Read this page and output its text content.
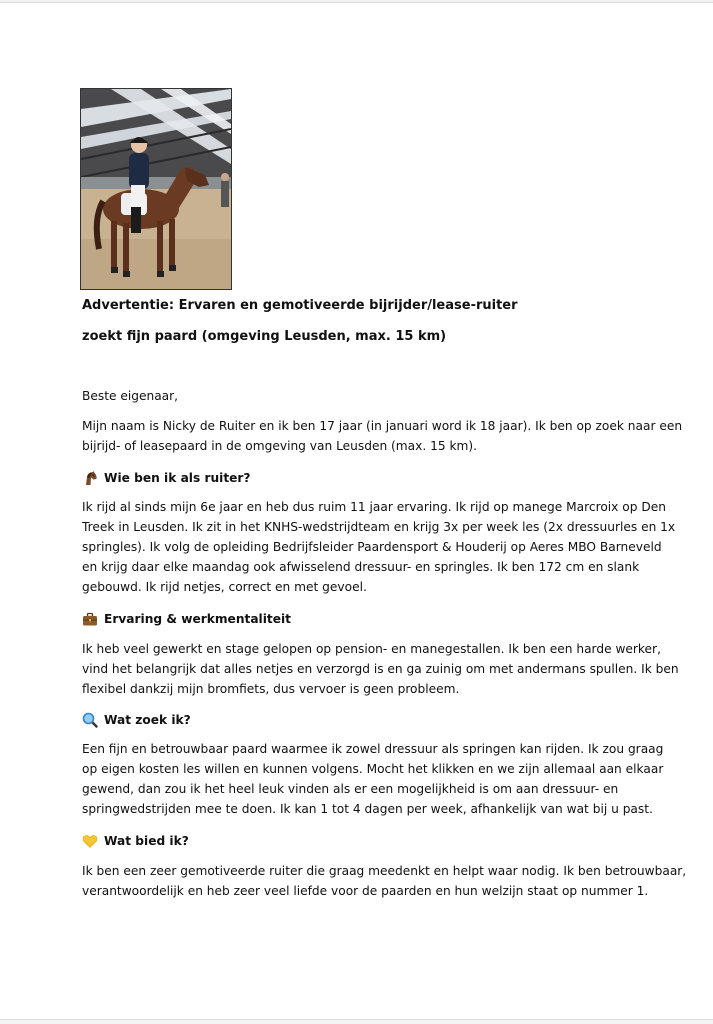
Advertentie: Ervaren en gemotiveerde bijrijder/lease-ruiter
zoekt fijn paard (omgeving Leusden, max. 15 km)
Beste eigenaar,
Mijn naam is Nicky de Ruiter en ik ben 17 jaar (in januari word ik 18 jaar). Ik ben op zoek naar een
bijrijd- of leasepaard in de omgeving van Leusden (max. 15 km).
Wie ben ik als ruiter?
Ik rijd al sinds mijn 6e jaar en heb dus ruim 11 jaar ervaring. Ik rijd op manege Marcroix op Den
Treek in Leusden. Ik zit in het KNHS-wedstrijdteam en krijg 3x per week les (2x dressuurles en 1x
springles). Ik volg de opleiding Bedrijfsleider Paardensport & Houderij op Aeres MBO Barneveld
en krijg daar elke maandag ook afwisselend dressuur- en springles. Ik ben 172 cm en slank
gebouwd. Ik rijd netjes, correct en met gevoel.
Ervaring & werkmentaliteit
Ik heb veel gewerkt en stage gelopen op pension- en manegestallen. Ik ben een harde werker,
vind het belangrijk dat alles netjes en verzorgd is en ga zuinig om met andermans spullen. Ik ben
flexibel dankzij mijn bromfiets, dus vervoer is geen probleem.
Wat zoek ik?
Een fijn en betrouwbaar paard waarmee ik zowel dressuur als springen kan rijden. Ik zou graag
op eigen kosten les willen en kunnen volgens. Mocht het klikken en we zijn allemaal aan elkaar
gewend, dan zou ik het heel leuk vinden als er een mogelijkheid is om aan dressuur- en
springwedstrijden mee te doen. Ik kan 1 tot 4 dagen per week, afhankelijk van wat bij u past.
Wat bied ik?
Ik ben een zeer gemotiveerde ruiter die graag meedenkt en helpt waar nodig. Ik ben betrouwbaar,
verantwoordelijk en heb zeer veel liefde voor de paarden en hun welzijn staat op nummer 1.
